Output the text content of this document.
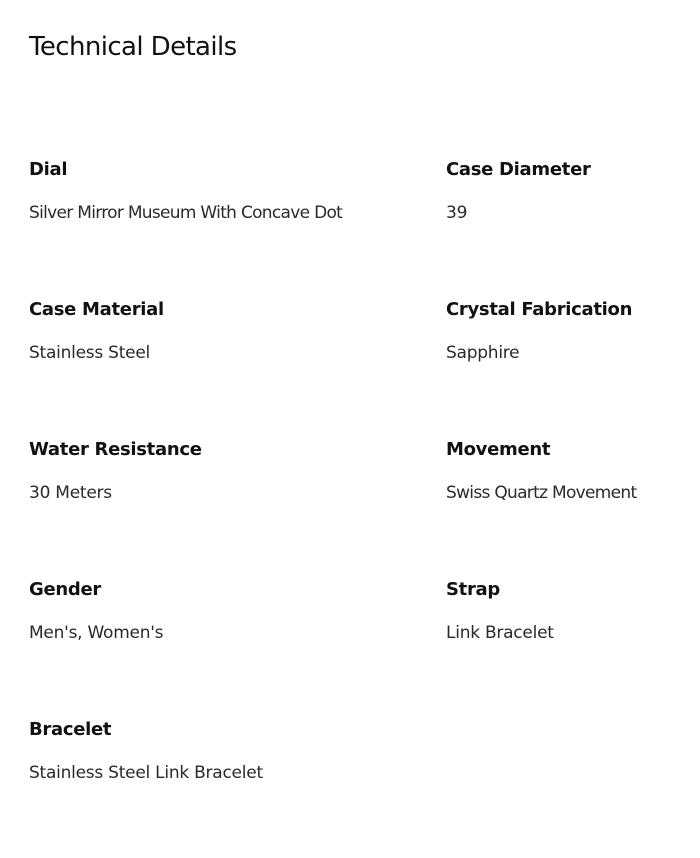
Technical Details
Dial
Silver Mirror Museum With Concave Dot
Case Diameter
39
Case Material
Stainless Steel
Crystal Fabrication
Sapphire
Water Resistance
30 Meters
Movement
Swiss Quartz Movement
Gender
Men's, Women's
Strap
Link Bracelet
Bracelet
Stainless Steel Link Bracelet
